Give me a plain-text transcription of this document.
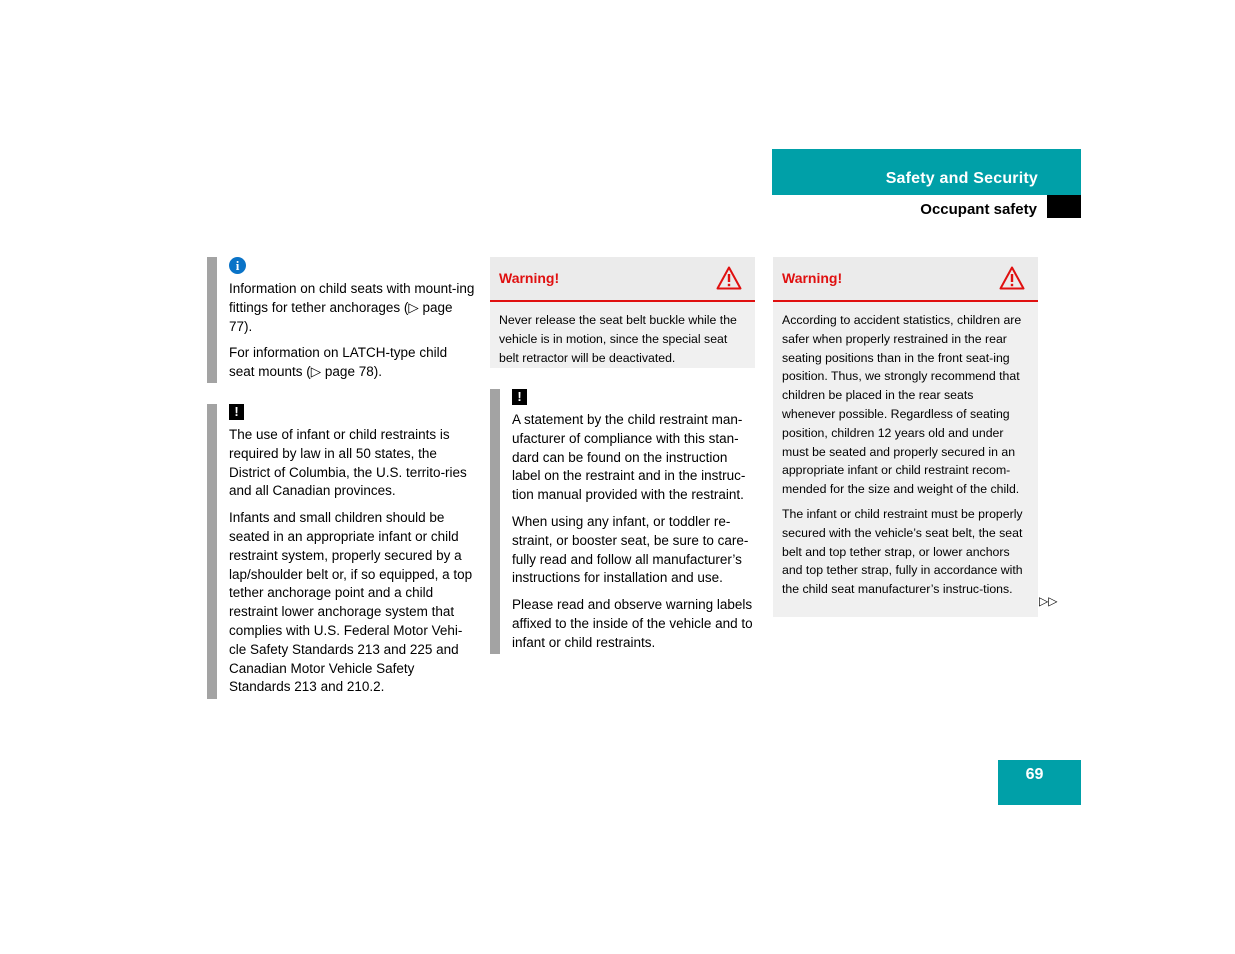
Safety and Security
Occupant safety
i

Information on child seats with mount-ing fittings for tether anchorages (▷ page 77).

For information on LATCH-type child seat mounts (▷ page 78).

!

The use of infant or child restraints is required by law in all 50 states, the District of Columbia, the U.S. territo-ries and all Canadian provinces.

Infants and small children should be seated in an appropriate infant or child restraint system, properly secured by a lap/shoulder belt or, if so equipped, a top tether anchorage point and a child restraint lower anchorage system that complies with U.S. Federal Motor Vehi-cle Safety Standards 213 and 225 and Canadian Motor Vehicle Safety Standards 213 and 210.2.

Warning!

Never release the seat belt buckle while the vehicle is in motion, since the special seat belt retractor will be deactivated.

!

A statement by the child restraint man-ufacturer of compliance with this stan-dard can be found on the instruction label on the restraint and in the instruc-tion manual provided with the restraint.

When using any infant, or toddler re-straint, or booster seat, be sure to care-fully read and follow all manufacturer’s instructions for installation and use.

Please read and observe warning labels affixed to the inside of the vehicle and to infant or child restraints.

Warning!

According to accident statistics, children are safer when properly restrained in the rear seating positions than in the front seat-ing position. Thus, we strongly recommend that children be placed in the rear seats whenever possible. Regardless of seating position, children 12 years old and under must be seated and properly secured in an appropriate infant or child restraint recom-mended for the size and weight of the child.

The infant or child restraint must be properly secured with the vehicle’s seat belt, the seat belt and top tether strap, or lower anchors and top tether strap, fully in accordance with the child seat manufacturer’s instruc-tions.

▷▷
69
